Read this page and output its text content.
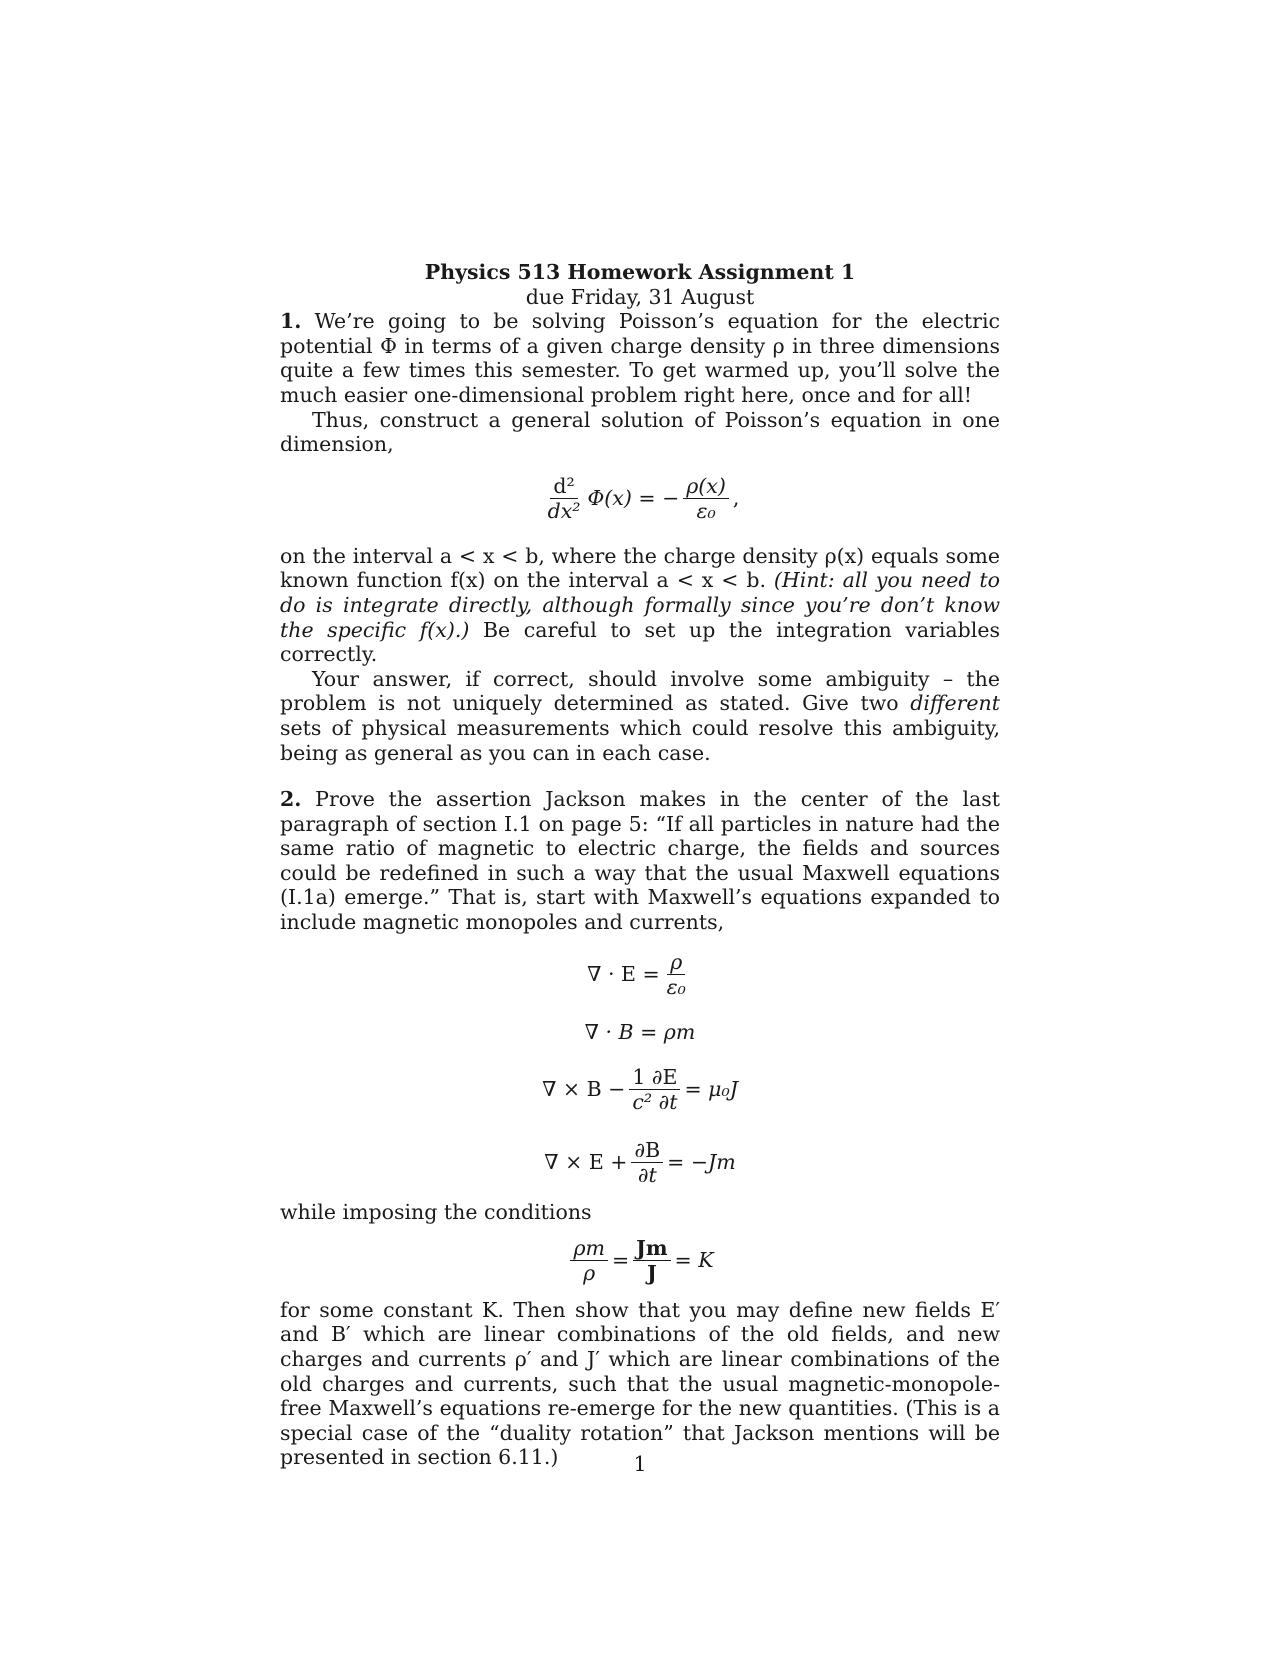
Physics 513 Homework Assignment 1
due Friday, 31 August

1. We’re going to be solving Poisson’s equation for the electric potential Φ in terms of a given charge density ρ in three dimensions quite a few times this semester. To get warmed up, you’ll solve the much easier one-dimensional problem right here, once and for all!

Thus, construct a general solution of Poisson’s equation in one dimension,

$\frac{\text{d²}}{\text{dx²}} \Phi(x)$ = − $\frac{\rho(x)}{\text{ε₀}}$ ,

on the interval a < x < b, where the charge density ρ(x) equals some known function f(x) on the interval a < x < b. (Hint: all you need to do is integrate directly, although formally since you’re don’t know the specific f(x).) Be careful to set up the integration variables correctly.

Your answer, if correct, should involve some ambiguity – the problem is not uniquely determined as stated. Give two different sets of physical measurements which could resolve this ambiguity, being as general as you can in each case.

2. Prove the assertion Jackson makes in the center of the last paragraph of section I.1 on page 5: “If all particles in nature had the same ratio of magnetic to electric charge, the fields and sources could be redefined in such a way that the usual Maxwell equations (I.1a) emerge.” That is, start with Maxwell’s equations expanded to include magnetic monopoles and currents,

∇ · $E = \frac{\rho}{\text{ε₀}}$
∇ · B = ρm
∇ × $B - \frac{1 \partial E}{\text{c² ∂t}} = \mu_0J$
∇ × $E + \frac{\partial B}{\partial t} = -Jm$

while imposing the conditions

$\frac{\rho m}{\rho} = \frac{Jm}{J} = K$

for some constant K. Then show that you may define new fields E′ and B′ which are linear combinations of the old fields, and new charges and currents ρ′ and J′ which are linear combinations of the old charges and currents, such that the usual magnetic-monopole-free Maxwell’s equations re-emerge for the new quantities. (This is a special case of the “duality rotation” that Jackson mentions will be presented in section 6.11.)	1
